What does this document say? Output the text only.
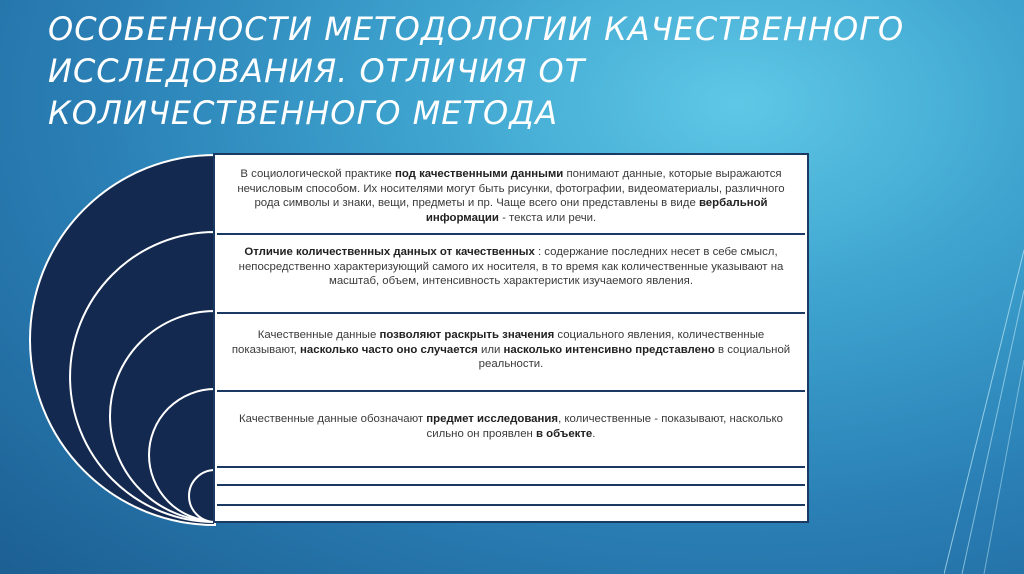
ОСОБЕННОСТИ МЕТОДОЛОГИИ КАЧЕСТВЕННОГО ИССЛЕДОВАНИЯ. ОТЛИЧИЯ ОТ КОЛИЧЕСТВЕННОГО МЕТОДА
В социологической практике под качественными данными понимают данные, которые выражаются нечисловым способом. Их носителями могут быть рисунки, фотографии, видеоматериалы, различного рода символы и знаки, вещи, предметы и пр. Чаще всего они представлены в виде вербальной информации - текста или речи.
Отличие количественных данных от качественных : содержание последних несет в себе смысл, непосредственно характеризующий самого их носителя, в то время как количественные указывают на масштаб, объем, интенсивность характеристик изучаемого явления.
Качественные данные позволяют раскрыть значения социального явления, количественные показывают, насколько часто оно случается или насколько интенсивно представлено в социальной реальности.
Качественные данные обозначают предмет исследования, количественные - показывают, насколько сильно он проявлен в объекте.
